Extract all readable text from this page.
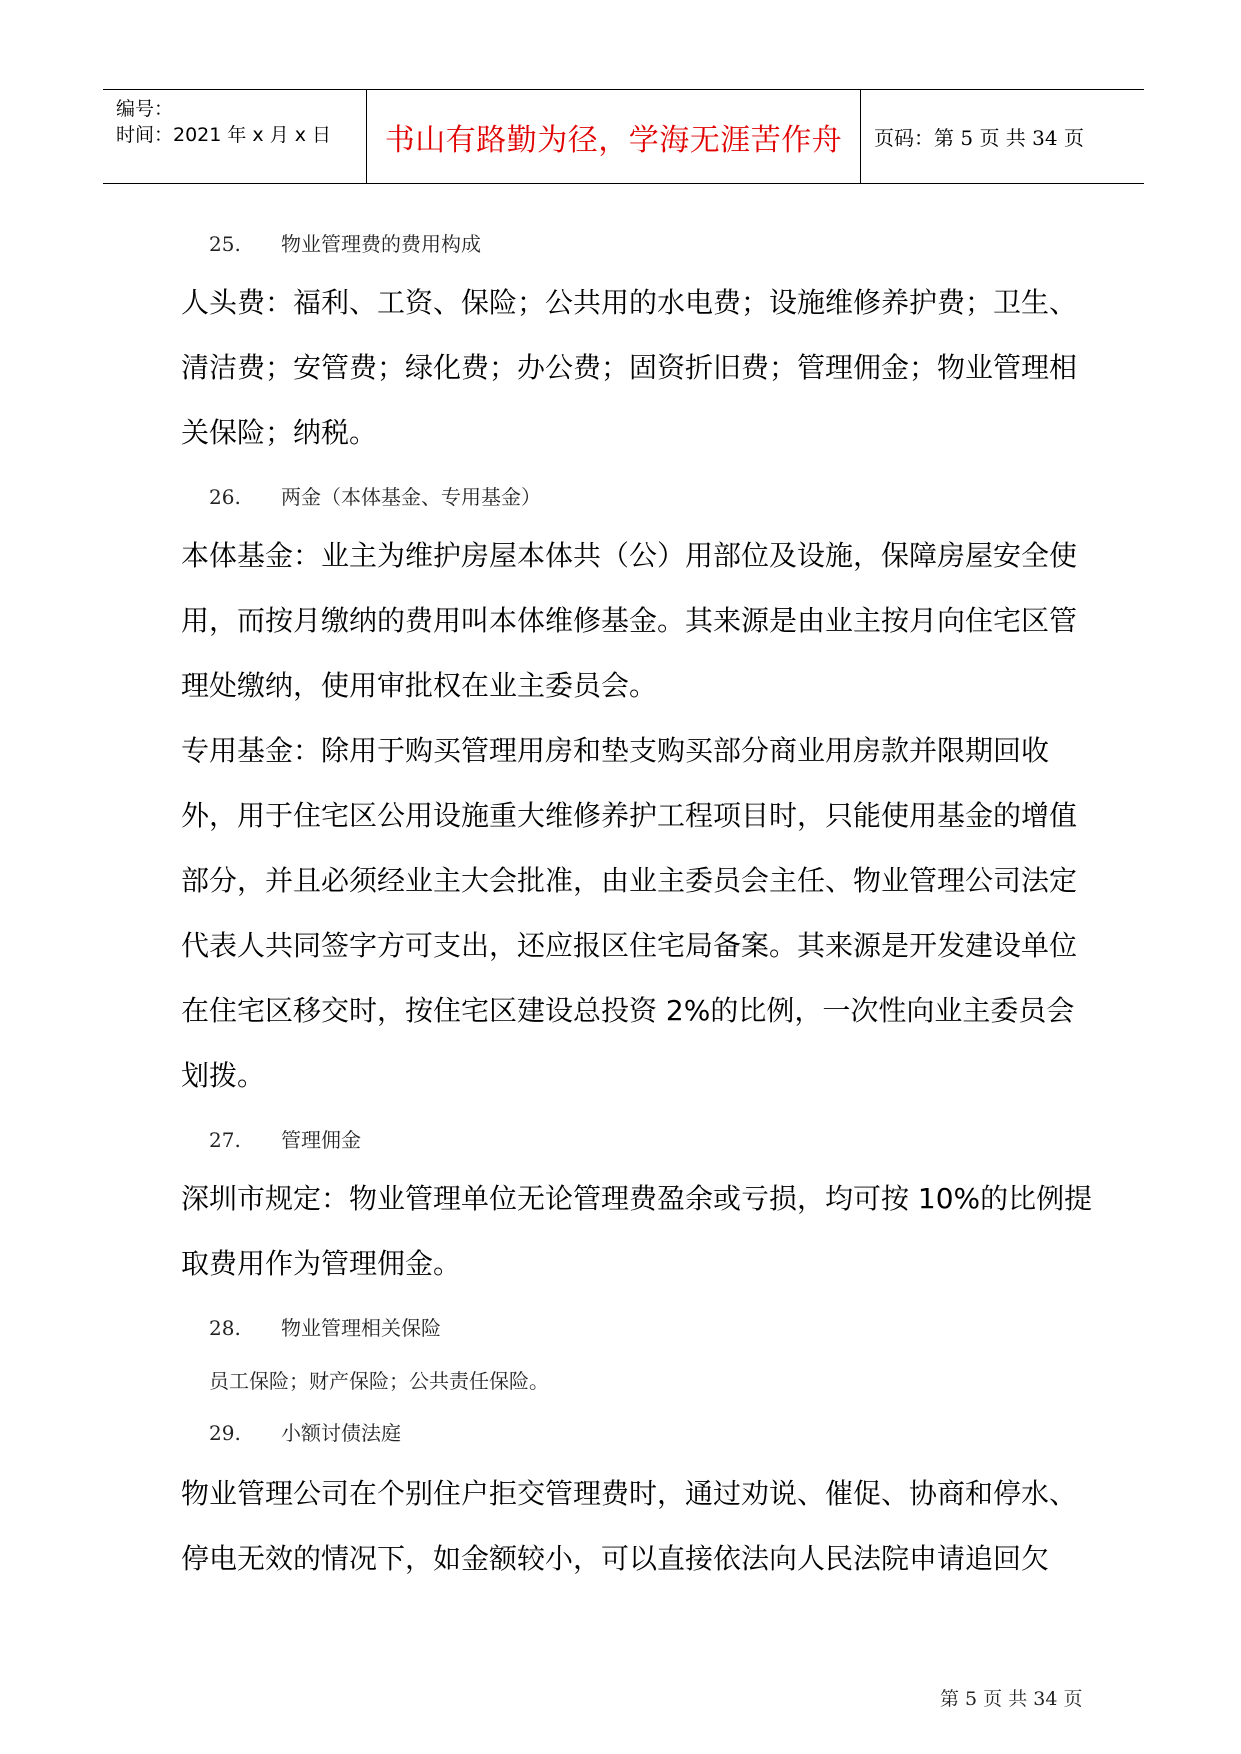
编号：
时间：2021 年 x 月 x 日 书山有路勤为径，学海无涯苦作舟 页码：第 5 页 共 34 页
25. 物业管理费的费用构成

人头费：福利、工资、保险；公共用的水电费；设施维修养护费；卫生、清洁费；安管费；绿化费；办公费；固资折旧费；管理佣金；物业管理相关保险；纳税。

26. 两金（本体基金、专用基金）

本体基金：业主为维护房屋本体共（公）用部位及设施，保障房屋安全使用，而按月缴纳的费用叫本体维修基金。其来源是由业主按月向住宅区管理处缴纳，使用审批权在业主委员会。

专用基金：除用于购买管理用房和垫支购买部分商业用房款并限期回收外，用于住宅区公用设施重大维修养护工程项目时，只能使用基金的增值部分，并且必须经业主大会批准，由业主委员会主任、物业管理公司法定代表人共同签字方可支出，还应报区住宅局备案。其来源是开发建设单位在住宅区移交时，按住宅区建设总投资 2%的比例，一次性向业主委员会划拨。

27. 管理佣金

深圳市规定：物业管理单位无论管理费盈余或亏损，均可按 10%的比例提取费用作为管理佣金。

28. 物业管理相关保险
员工保险；财产保险；公共责任保险。
29. 小额讨债法庭

物业管理公司在个别住户拒交管理费时，通过劝说、催促、协商和停水、停电无效的情况下，如金额较小，可以直接依法向人民法院申请追回欠

第 5 页 共 34 页
